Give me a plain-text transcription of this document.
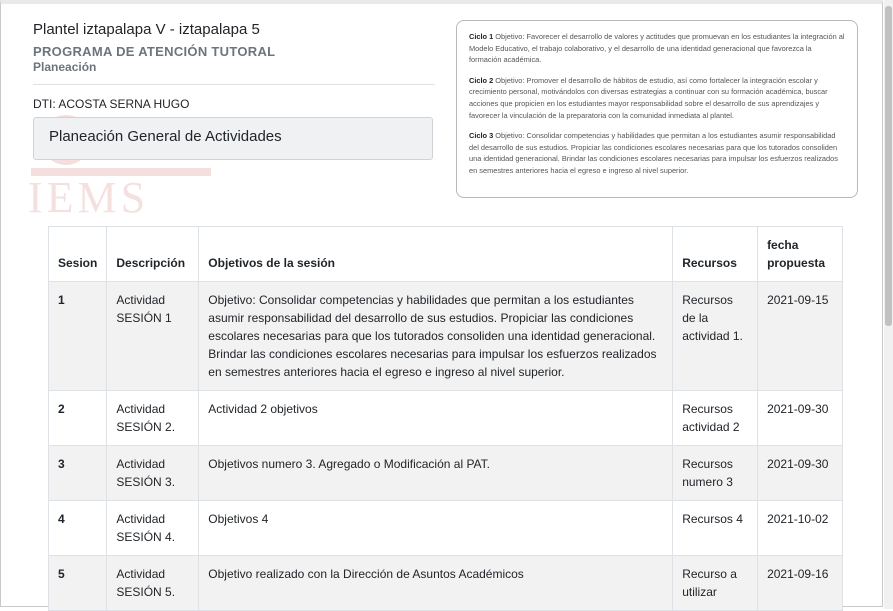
IEMS
Plantel iztapalapa V - iztapalapa 5
PROGRAMA DE ATENCIÓN TUTORAL
Planeación
DTI: ACOSTA SERNA HUGO
Planeación General de Actividades

Ciclo 1 Objetivo: Favorecer el desarrollo de valores y actitudes que promuevan en los estudiantes la integración al Modelo Educativo, el trabajo colaborativo, y el desarrollo de una identidad generacional que favorezca la formación académica.

Ciclo 2 Objetivo: Promover el desarrollo de hábitos de estudio, así como fortalecer la integración escolar y crecimiento personal, motivándolos con diversas estrategias a continuar con su formación académica, buscar acciones que propicien en los estudiantes mayor responsabilidad sobre el desarrollo de sus aprendizajes y favorecer la vinculación de la preparatoria con la comunidad inmediata al plantel.

Ciclo 3 Objetivo: Consolidar competencias y habilidades que permitan a los estudiantes asumir responsabilidad del desarrollo de sus estudios. Propiciar las condiciones escolares necesarias para que los tutorados consoliden una identidad generacional. Brindar las condiciones escolares necesarias para impulsar los esfuerzos realizados en semestres anteriores hacia el egreso e ingreso al nivel superior.

Sesion	Descripción	Objetivos de la sesión	Recursos	fecha propuesta
1	Actividad SESIÓN 1	Objetivo: Consolidar competencias y habilidades que permitan a los estudiantes asumir responsabilidad del desarrollo de sus estudios. Propiciar las condiciones escolares necesarias para que los tutorados consoliden una identidad generacional. Brindar las condiciones escolares necesarias para impulsar los esfuerzos realizados en semestres anteriores hacia el egreso e ingreso al nivel superior.	Recursos de la actividad 1.	2021-09-15
2	Actividad SESIÓN 2.	Actividad 2 objetivos	Recursos actividad 2	2021-09-30
3	Actividad SESIÓN 3.	Objetivos numero 3. Agregado o Modificación al PAT.	Recursos numero 3	2021-09-30
4	Actividad SESIÓN 4.	Objetivos 4	Recursos 4	2021-10-02
5	Actividad SESIÓN 5.	Objetivo realizado con la Dirección de Asuntos Académicos	Recurso a utilizar	2021-09-16
